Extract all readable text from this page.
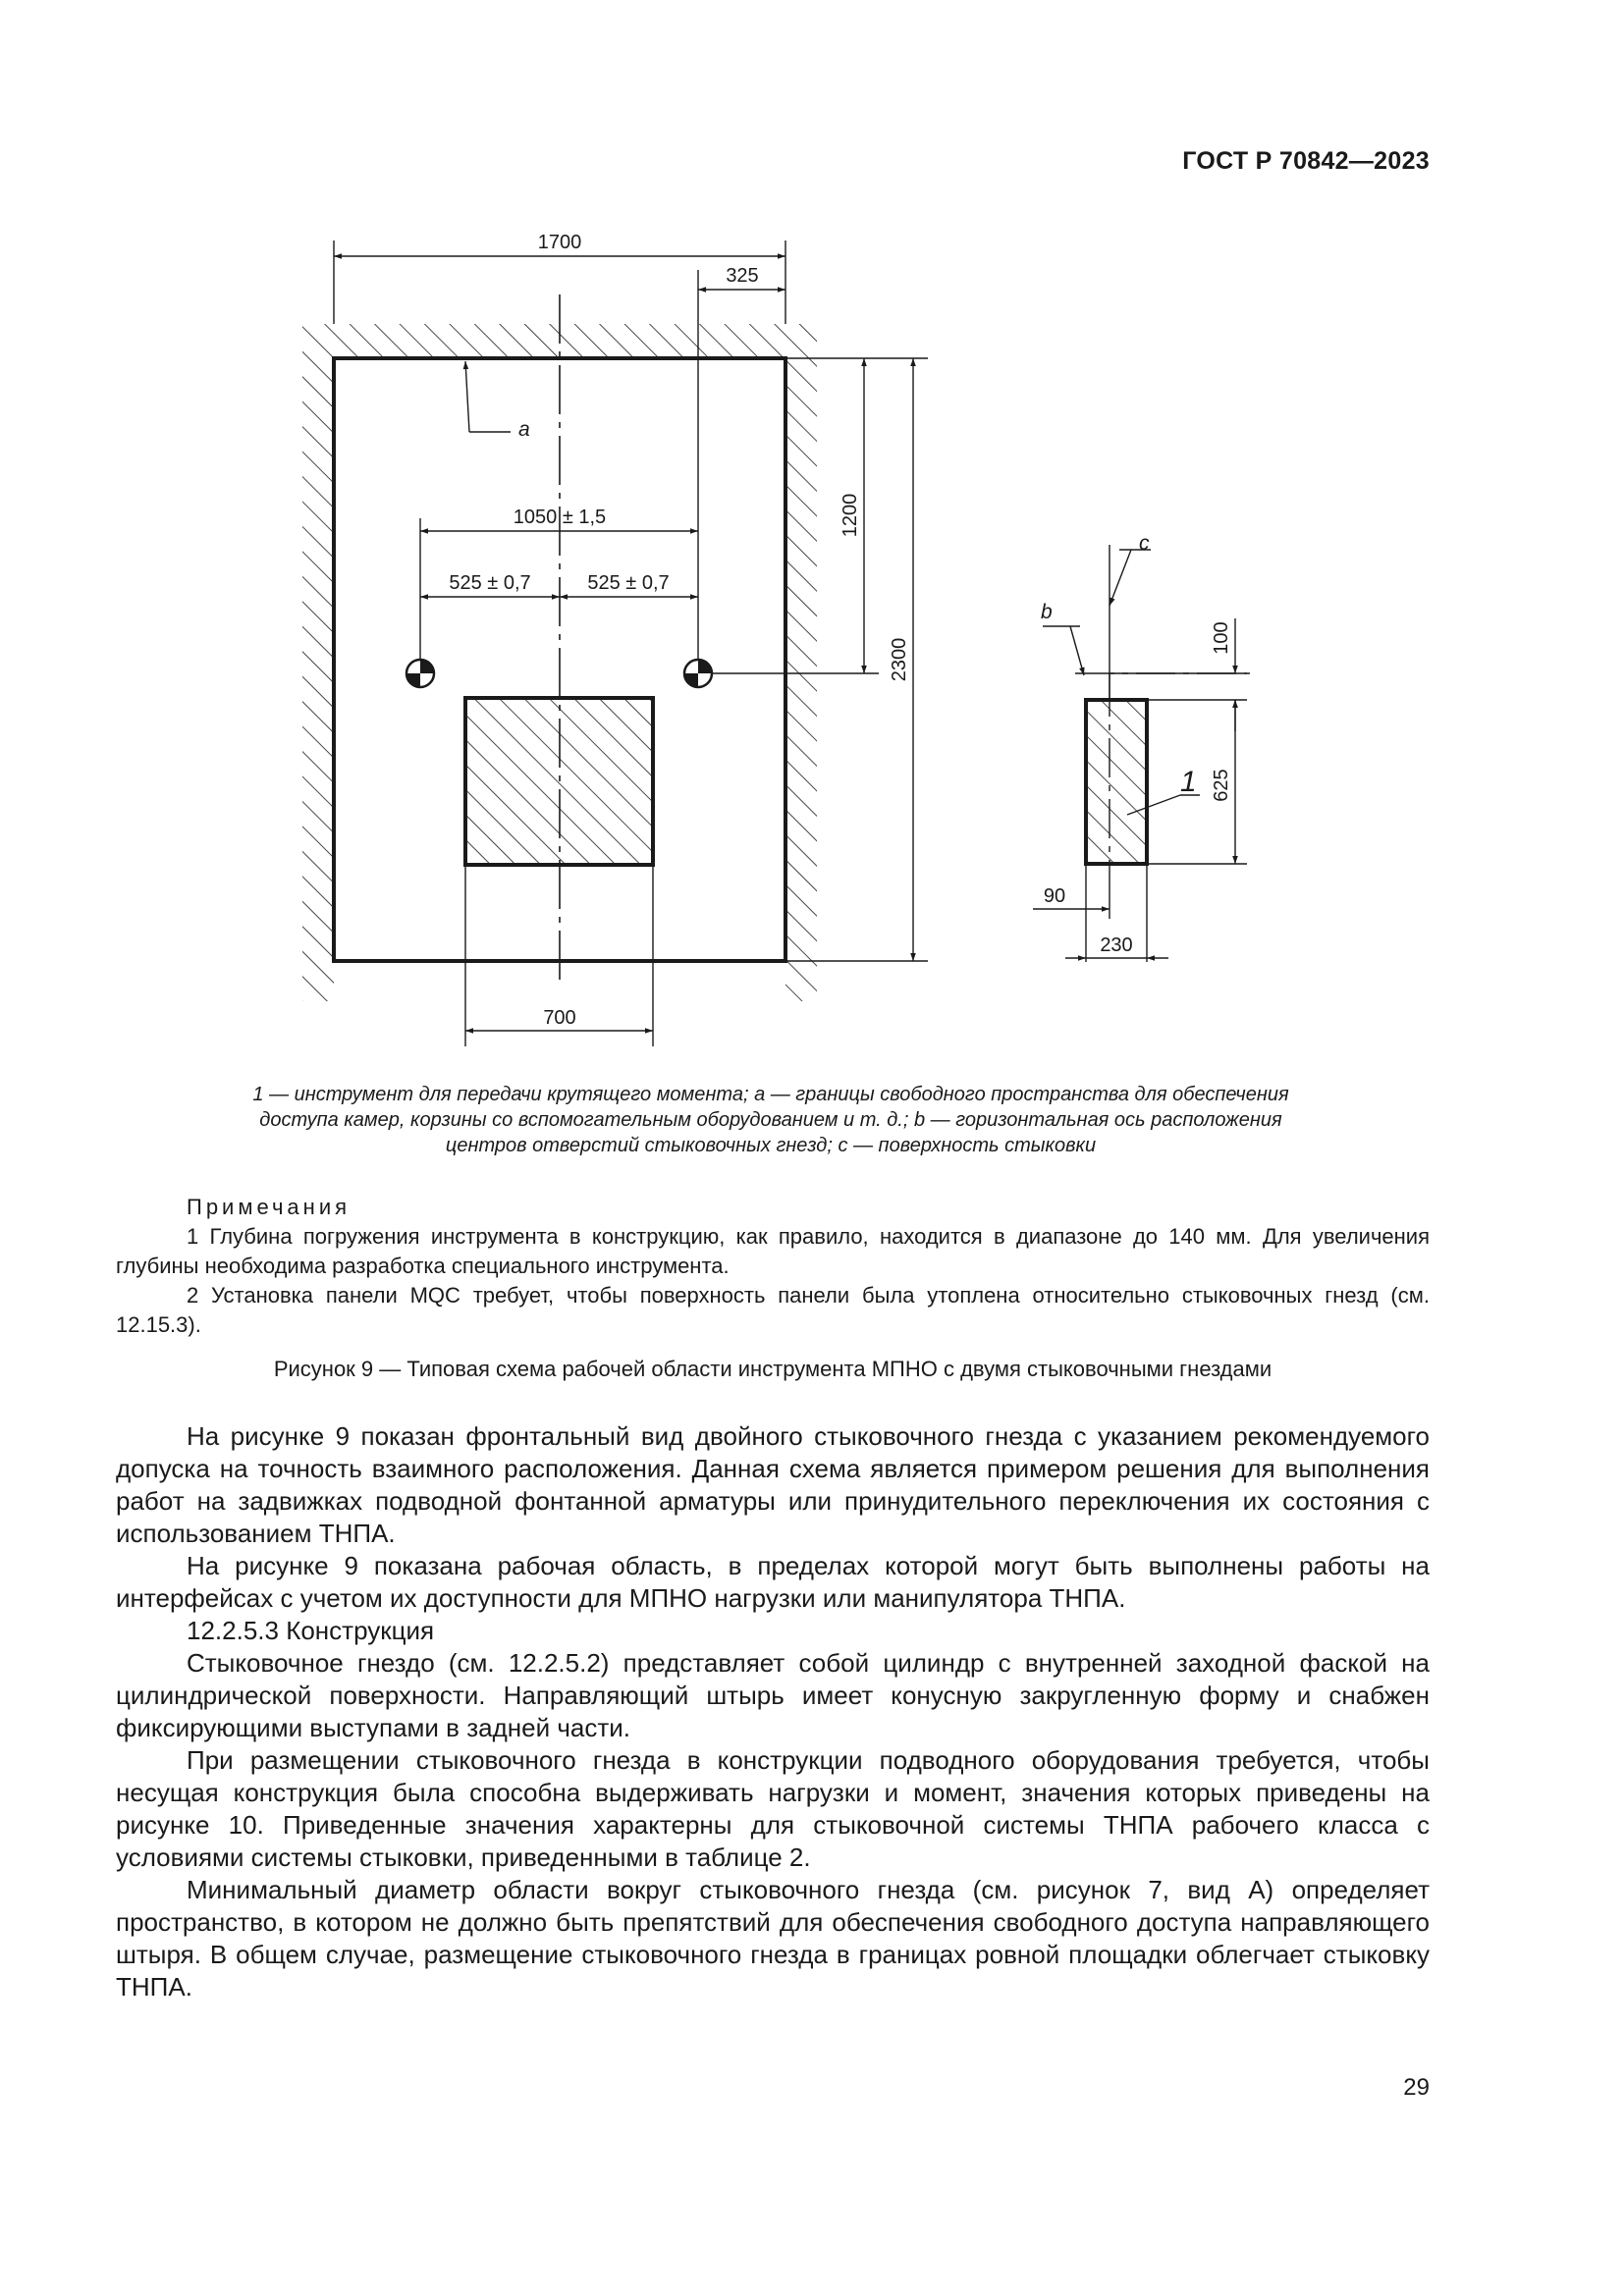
ГОСТ Р 70842—2023
1700
325
1050 ± 1,5
525 ± 0,7	525 ± 0,7
700
90
230
1200
2300	100
625
a
b
c
1
1 — инструмент для передачи крутящего момента; a — границы свободного пространства для обеспечения
доступа камер, корзины со вспомогательным оборудованием и т. д.; b — горизонтальная ось расположения
центров отверстий стыковочных гнезд; c — поверхность стыковки

Примечания

1 Глубина погружения инструмента в конструкцию, как правило, находится в диапазоне до 140 мм. Для увеличения глубины необходима разработка специального инструмента.

2 Установка панели MQC требует, чтобы поверхность панели была утоплена относительно стыковочных гнезд (см. 12.15.3).

Рисунок 9 — Типовая схема рабочей области инструмента МПНО с двумя стыковочными гнездами

На рисунке 9 показан фронтальный вид двойного стыковочного гнезда с указанием рекомендуемого допуска на точность взаимного расположения. Данная схема является примером решения для выполнения работ на задвижках подводной фонтанной арматуры или принудительного переключения их состояния с использованием ТНПА.

На рисунке 9 показана рабочая область, в пределах которой могут быть выполнены работы на интерфейсах с учетом их доступности для МПНО нагрузки или манипулятора ТНПА.

12.2.5.3 Конструкция

Стыковочное гнездо (см. 12.2.5.2) представляет собой цилиндр с внутренней заходной фаской на цилиндрической поверхности. Направляющий штырь имеет конусную закругленную форму и снабжен фиксирующими выступами в задней части.

При размещении стыковочного гнезда в конструкции подводного оборудования требуется, чтобы несущая конструкция была способна выдерживать нагрузки и момент, значения которых приведены на рисунке 10. Приведенные значения характерны для стыковочной системы ТНПА рабочего класса с условиями системы стыковки, приведенными в таблице 2.

Минимальный диаметр области вокруг стыковочного гнезда (см. рисунок 7, вид А) определяет пространство, в котором не должно быть препятствий для обеспечения свободного доступа направляющего штыря. В общем случае, размещение стыковочного гнезда в границах ровной площадки облегчает стыковку ТНПА.

29
